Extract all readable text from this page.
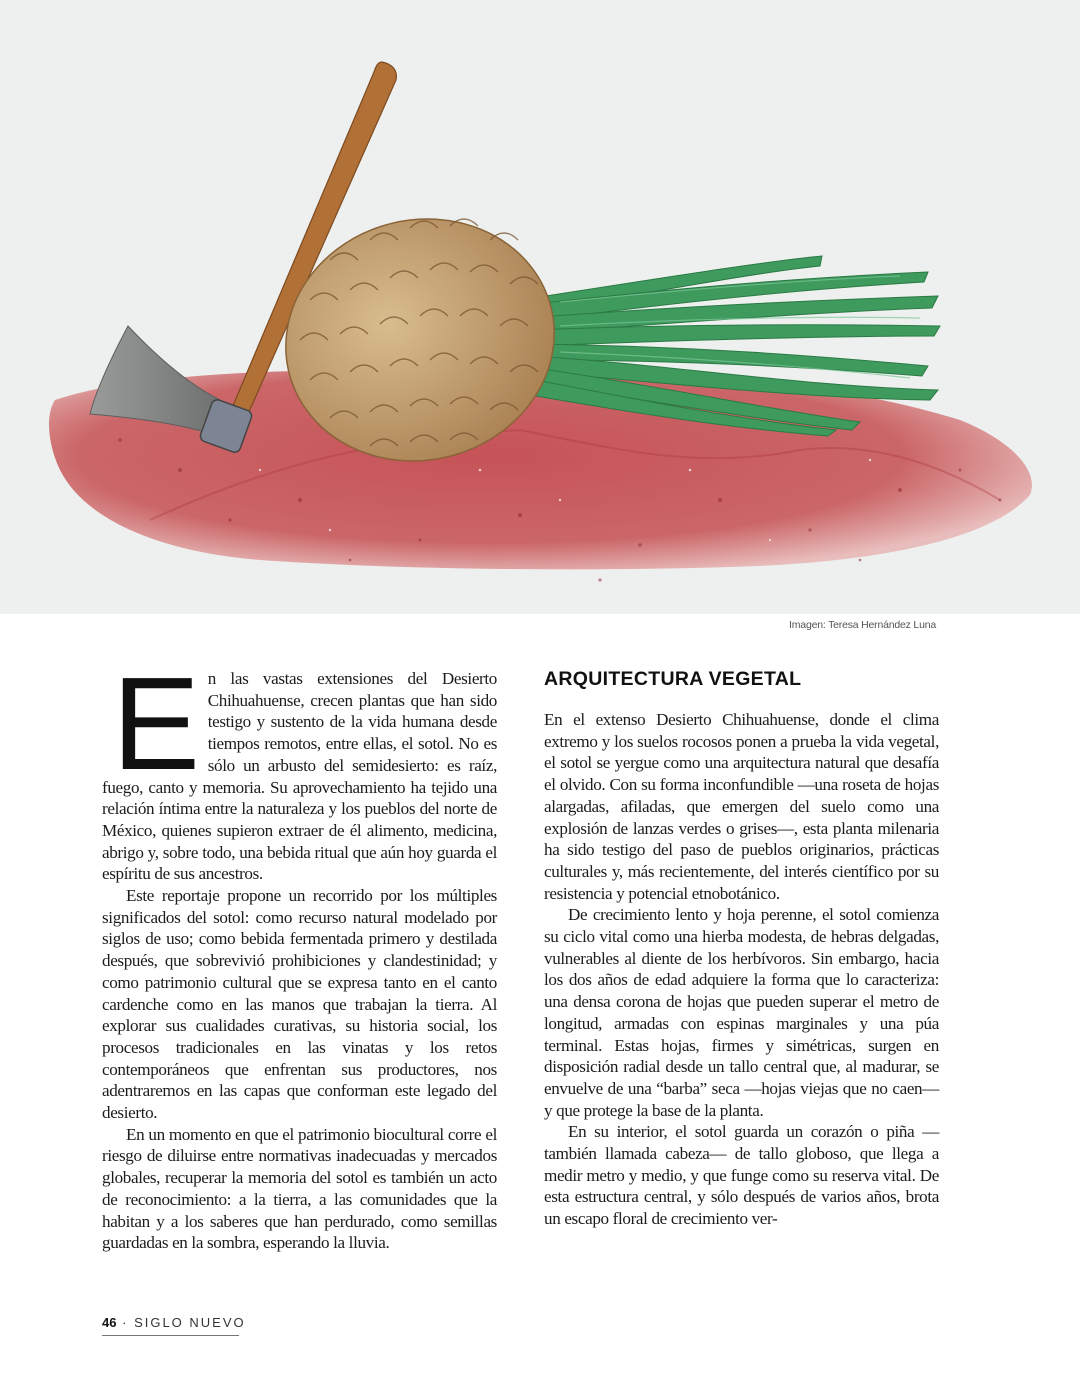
Imagen: Teresa Hernández Luna

En las vastas extensiones del Desierto Chihuahuense, crecen plantas que han sido testigo y sustento de la vida humana desde tiempos remotos, entre ellas, el sotol. No es sólo un arbusto del semidesierto: es raíz, fuego, canto y memoria. Su aprovechamiento ha tejido una relación íntima entre la naturaleza y los pueblos del norte de México, quienes supieron extraer de él alimento, medicina, abrigo y, sobre todo, una bebida ritual que aún hoy guarda el espíritu de sus ancestros.

Este reportaje propone un recorrido por los múltiples significados del sotol: como recurso natural modelado por siglos de uso; como bebida fermentada primero y destilada después, que sobrevivió prohibiciones y clandestinidad; y como patrimonio cultural que se expresa tanto en el canto cardenche como en las manos que trabajan la tierra. Al explorar sus cualidades curativas, su historia social, los procesos tradicionales en las vinatas y los retos contemporáneos que enfrentan sus productores, nos adentraremos en las capas que conforman este legado del desierto.

En un momento en que el patrimonio biocultural corre el riesgo de diluirse entre normativas inadecuadas y mercados globales, recuperar la memoria del sotol es también un acto de reconocimiento: a la tierra, a las comunidades que la habitan y a los saberes que han perdurado, como semillas guardadas en la sombra, esperando la lluvia.

ARQUITECTURA VEGETAL

En el extenso Desierto Chihuahuense, donde el clima extremo y los suelos rocosos ponen a prueba la vida vegetal, el sotol se yergue como una arquitectura natural que desafía el olvido. Con su forma inconfundible —una roseta de hojas alargadas, afiladas, que emergen del suelo como una explosión de lanzas verdes o grises—, esta planta milenaria ha sido testigo del paso de pueblos originarios, prácticas culturales y, más recientemente, del interés científico por su resistencia y potencial etnobotánico.

De crecimiento lento y hoja perenne, el sotol comienza su ciclo vital como una hierba modesta, de hebras delgadas, vulnerables al diente de los herbívoros. Sin embargo, hacia los dos años de edad adquiere la forma que lo caracteriza: una densa corona de hojas que pueden superar el metro de longitud, armadas con espinas marginales y una púa terminal. Estas hojas, firmes y simétricas, surgen en disposición radial desde un tallo central que, al madurar, se envuelve de una “barba” seca —hojas viejas que no caen— y que protege la base de la planta.

En su interior, el sotol guarda un corazón o piña —también llamada cabeza— de tallo globoso, que llega a medir metro y medio, y que funge como su reserva vital. De esta estructura central, y sólo después de varios años, brota un escapo floral de crecimiento ver-

46 · SIGLO NUEVO
